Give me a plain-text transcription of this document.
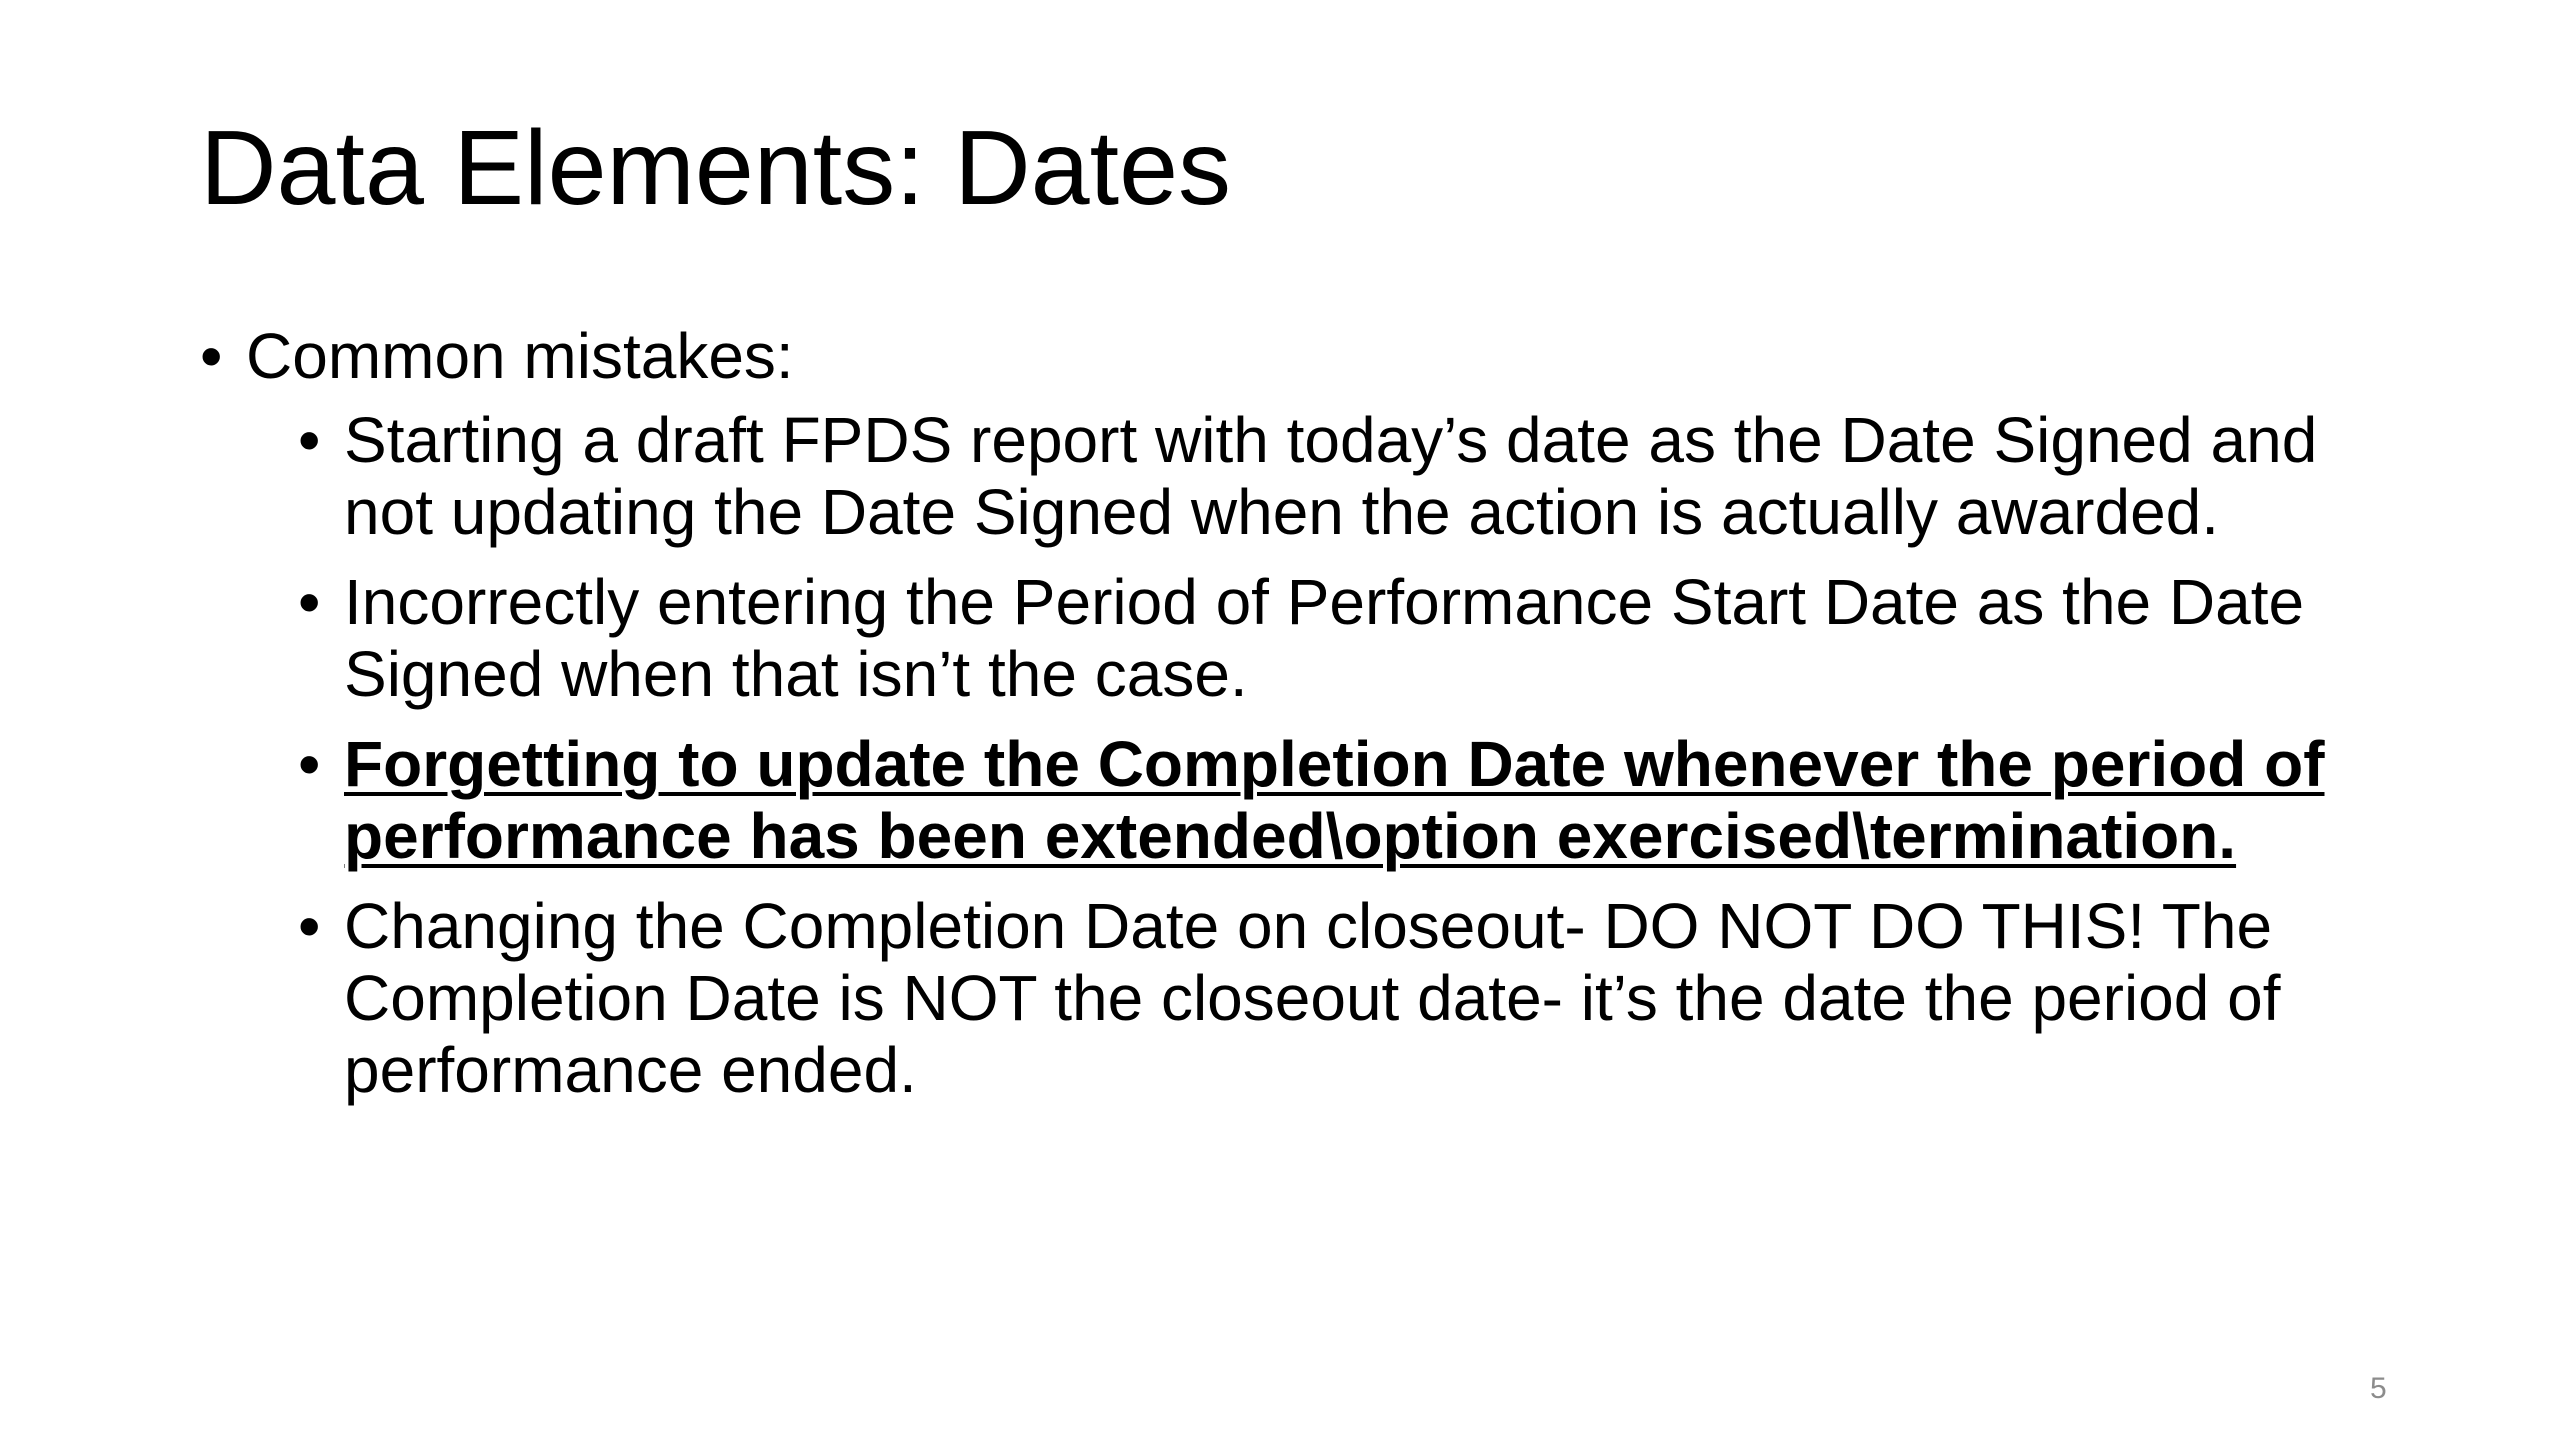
Data Elements: Dates
• Common mistakes:
• Starting a draft FPDS report with today’s date as the Date Signed and not updating the Date Signed when the action is actually awarded.
• Incorrectly entering the Period of Performance Start Date as the Date Signed when that isn’t the case.
• Forgetting to update the Completion Date whenever the period of performance has been extended\option exercised\termination.
• Changing the Completion Date on closeout- DO NOT DO THIS! The Completion Date is NOT the closeout date- it’s the date the period of performance ended.
5
